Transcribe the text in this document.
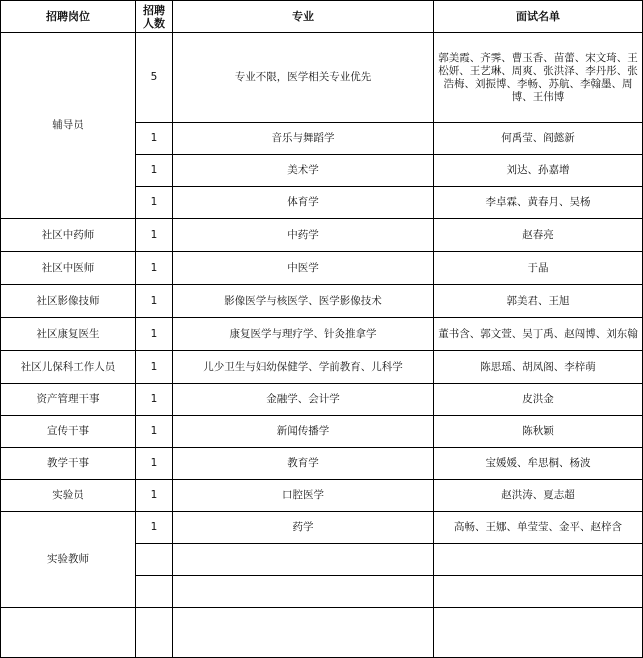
招聘岗位	招聘人数	专业	面试名单
辅导员	5	专业不限，医学相关专业优先	郭美霞、齐霁、曹玉香、苗蕾、宋文琦、王松妍、王艺琳、周爽、张洪泽、李丹彤、张浩梅、刘振博、李畅、苏航、李翰墨、周博、王伟博
	1	音乐与舞蹈学	何禹莹、阎懿新
	1	美术学	刘达、孙嘉增
	1	体育学	李卓霖、黄春月、吴杨
社区中药师	1	中药学	赵春亮
社区中医师	1	中医学	于晶
社区影像技师	1	影像医学与核医学、医学影像技术	郭美君、王旭
社区康复医生	1	康复医学与理疗学、针灸推拿学	董书含、郭文萱、吴丁禹、赵闯博、刘东翰
社区儿保科工作人员	1	儿少卫生与妇幼保健学、学前教育、儿科学	陈思瑶、胡凤阁、李梓萌
资产管理干事	1	金融学、会计学	皮洪金
宣传干事	1	新闻传播学	陈秋颖
教学干事	1	教育学	宝媛媛、牟思桐、杨波
实验员	1	口腔医学	赵洪涛、夏志超
实验教师	1	药学	高畅、王娜、单莹莹、金平、赵梓含
